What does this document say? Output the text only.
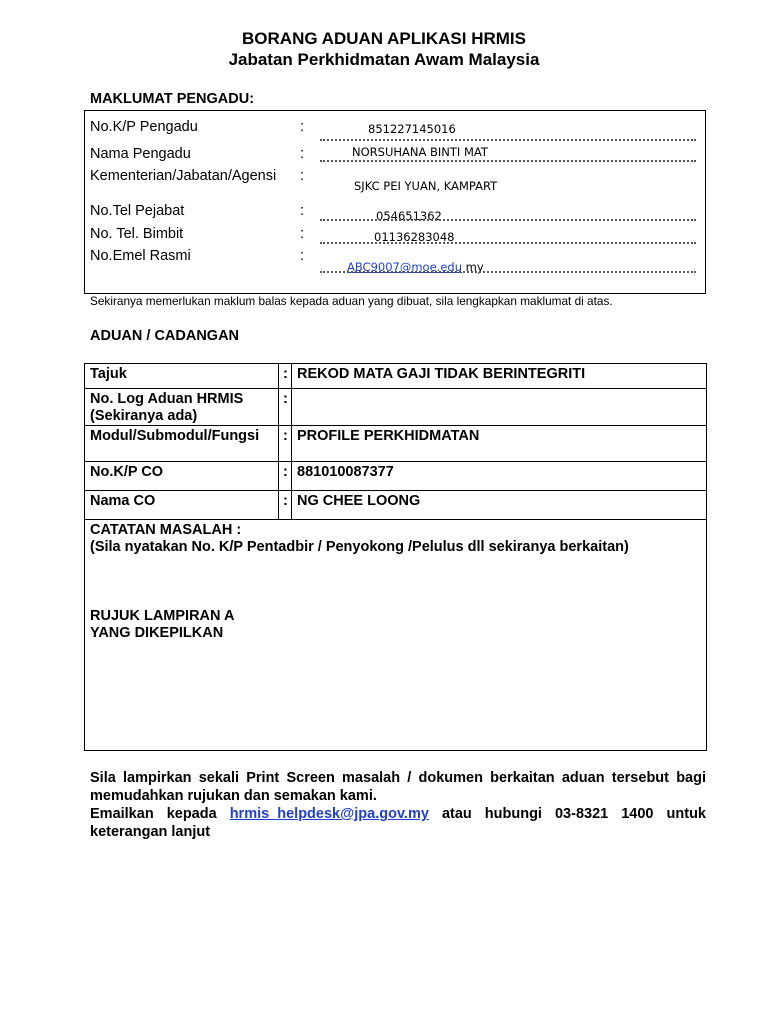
BORANG ADUAN APLIKASI HRMIS
Jabatan Perkhidmatan Awam Malaysia
MAKLUMAT PENGADU:
No.K/P Pengadu	:	851227145016
Nama Pengadu	:	NORSUHANA BINTI MAT
Kementerian/Jabatan/Agensi :
SJKC PEI YUAN, KAMPART
No.Tel Pejabat	:	054651362
No. Tel. Bimbit	:	01136283048
No.Emel Rasmi	:
ABC9007@moe.edu my
Sekiranya memerlukan maklum balas kepada aduan yang dibuat, sila lengkapkan maklumat di atas.
ADUAN / CADANGAN
Tajuk	:	REKOD MATA GAJI TIDAK BERINTEGRITI

No. Log Aduan HRMIS
(Sekiranya ada)	:	
Modul/Submodul/Fungsi	:	PROFILE PERKHIDMATAN
No.K/P CO	:	881010087377
Nama CO	:	NG CHEE LOONG

CATATAN MASALAH :
(Sila nyatakan No. K/P Pentadbir / Penyokong /Pelulus dll sekiranya berkaitan)
RUJUK LAMPIRAN A
YANG DIKEPILKAN		

Sila lampirkan sekali Print Screen masalah / dokumen berkaitan aduan tersebut bagi memudahkan rujukan dan semakan kami.

Emailkan kepada hrmis_helpdesk@jpa.gov.my atau hubungi 03-8321 1400 untuk keterangan lanjut
